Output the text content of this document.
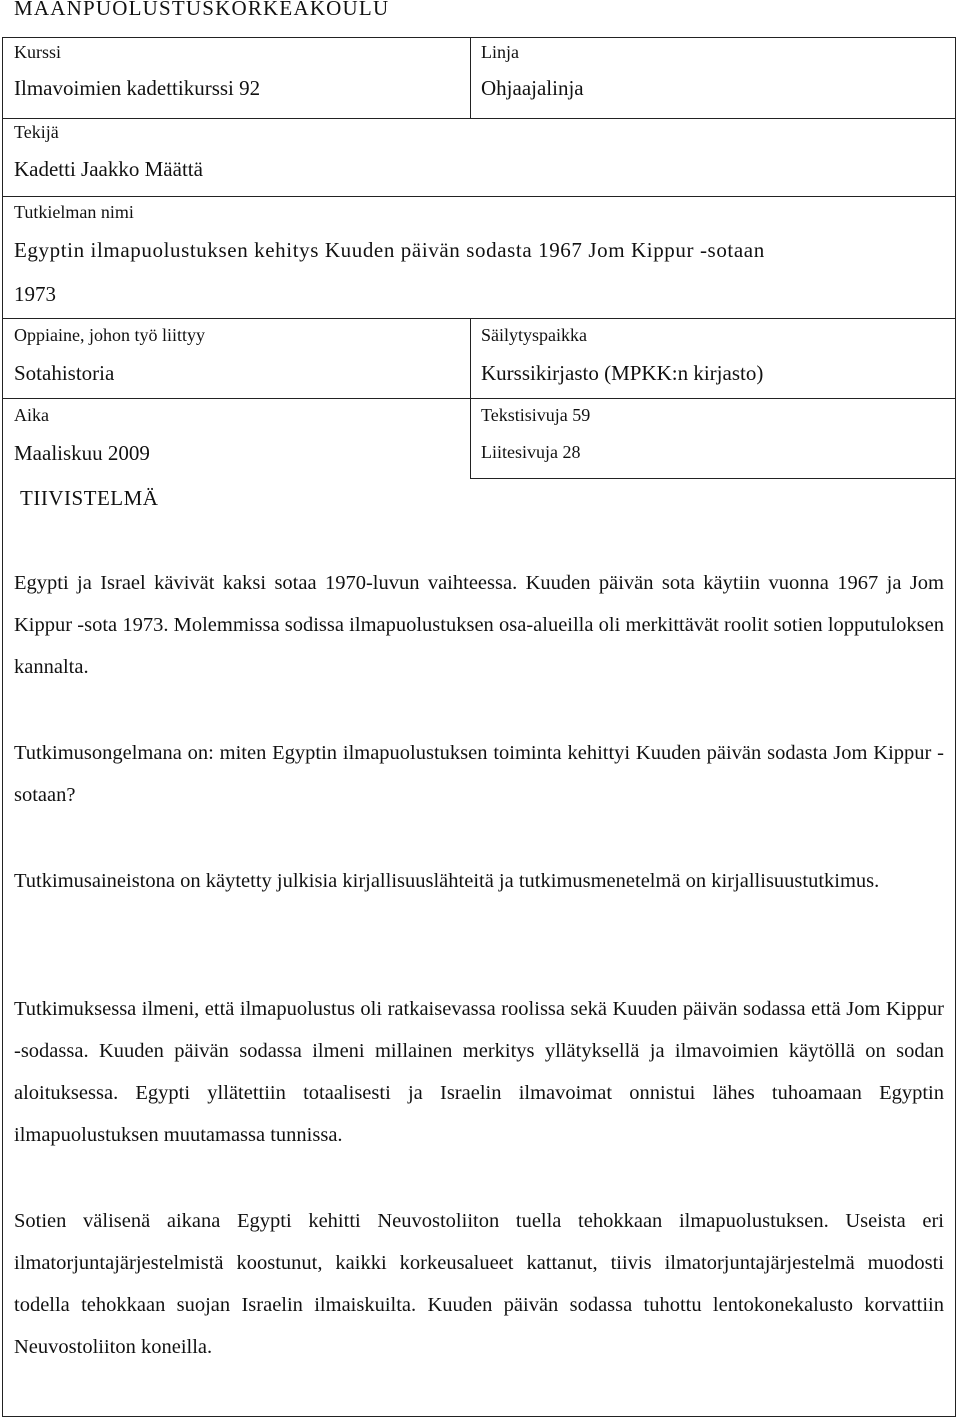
MAANPUOLUSTUSKORKEAKOULU
Kurssi
Ilmavoimien kadettikurssi 92
Linja
Ohjaajalinja
Tekijä
Kadetti Jaakko Määttä
Tutkielman nimi
Egyptin ilmapuolustuksen kehitys Kuuden päivän sodasta 1967 Jom Kippur -sotaan
1973
Oppiaine, johon työ liittyy
Sotahistoria
Säilytyspaikka
Kurssikirjasto (MPKK:n kirjasto)
Aika
Maaliskuu 2009
Tekstisivuja 59
Liitesivuja 28
TIIVISTELMÄ
Egypti ja Israel kävivät kaksi sotaa 1970-luvun vaihteessa. Kuuden päivän sota käytiin vuonna 1967 ja Jom Kippur -sota 1973. Molemmissa sodissa ilmapuolustuksen osa-alueilla oli merkittävät roolit sotien lopputuloksen kannalta.
Tutkimusongelmana on: miten Egyptin ilmapuolustuksen toiminta kehittyi Kuuden päivän sodasta Jom Kippur -sotaan?
Tutkimusaineistona on käytetty julkisia kirjallisuuslähteitä ja tutkimusmenetelmä on kirjallisuustutkimus.
Tutkimuksessa ilmeni, että ilmapuolustus oli ratkaisevassa roolissa sekä Kuuden päivän sodassa että Jom Kippur -sodassa. Kuuden päivän sodassa ilmeni millainen merkitys yllätyksellä ja ilmavoimien käytöllä on sodan aloituksessa. Egypti yllätettiin totaalisesti ja Israelin ilmavoimat onnistui lähes tuhoamaan Egyptin ilmapuolustuksen muutamassa tunnissa.
Sotien välisenä aikana Egypti kehitti Neuvostoliiton tuella tehokkaan ilmapuolustuksen. Useista eri ilmatorjuntajärjestelmistä koostunut, kaikki korkeusalueet kattanut, tiivis ilmatorjuntajärjestelmä muodosti todella tehokkaan suojan Israelin ilmaiskuilta. Kuuden päivän sodassa tuhottu lentokonekalusto korvattiin Neuvostoliiton koneilla.
